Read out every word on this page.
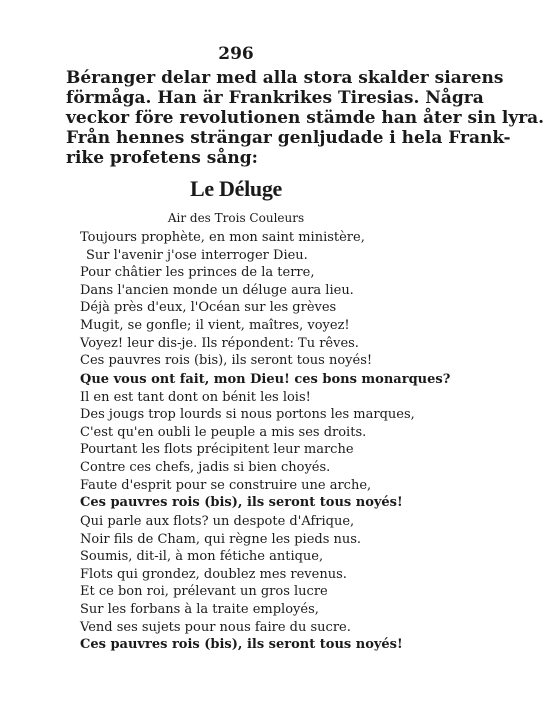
296
Béranger delar med alla stora skalder siarens
förmåga. Han är Frankrikes Tiresias. Några
veckor före revolutionen stämde han åter sin lyra.
Från hennes strängar genljudade i hela Frank-
rike profetens sång:
Le Déluge
Air des Trois Couleurs
Toujours prophète, en mon saint ministère,
Sur l'avenir j'ose interroger Dieu.
Pour châtier les princes de la terre,
Dans l'ancien monde un déluge aura lieu.
Déjà près d'eux, l'Océan sur les grèves
Mugit, se gonfle; il vient, maîtres, voyez!
Voyez! leur dis-je. Ils répondent: Tu rêves.
Ces pauvres rois (bis), ils seront tous noyés!
Que vous ont fait, mon Dieu! ces bons monarques?
Il en est tant dont on bénit les lois!
Des jougs trop lourds si nous portons les marques,
C'est qu'en oubli le peuple a mis ses droits.
Pourtant les flots précipitent leur marche
Contre ces chefs, jadis si bien choyés.
Faute d'esprit pour se construire une arche,
Ces pauvres rois (bis), ils seront tous noyés!
Qui parle aux flots? un despote d'Afrique,
Noir fils de Cham, qui règne les pieds nus.
Soumis, dit-il, à mon fétiche antique,
Flots qui grondez, doublez mes revenus.
Et ce bon roi, prélevant un gros lucre
Sur les forbans à la traite employés,
Vend ses sujets pour nous faire du sucre.
Ces pauvres rois (bis), ils seront tous noyés!
